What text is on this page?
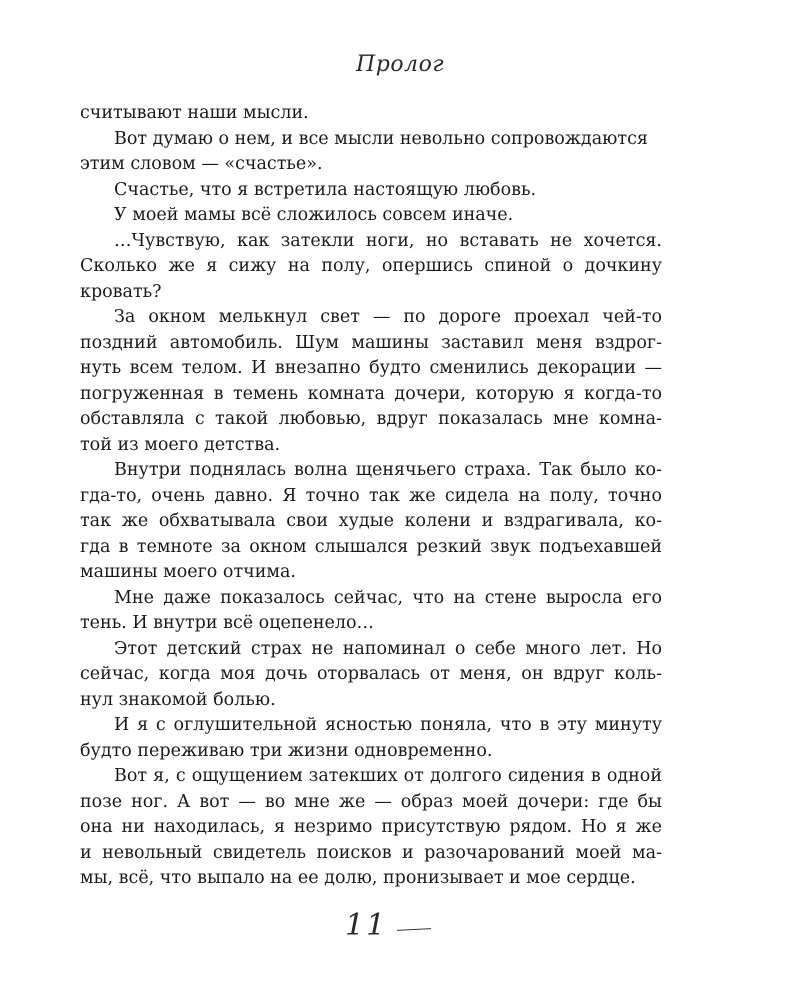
Пролог
считывают наши мысли.
Вот думаю о нем, и все мысли невольно сопровождаются
этим словом — «счастье».
Счастье, что я встретила настоящую любовь.
У моей мамы всё сложилось совсем иначе.
…Чувствую, как затекли ноги, но вставать не хочется.
Сколько же я сижу на полу, опершись спиной о дочкину
кровать?
За окном мелькнул свет — по дороге проехал чей-то
поздний автомобиль. Шум машины заставил меня вздрог-
нуть всем телом. И внезапно будто сменились декорации —
погруженная в темень комната дочери, которую я когда-то
обставляла с такой любовью, вдруг показалась мне комна-
той из моего детства.
Внутри поднялась волна щенячьего страха. Так было ко-
гда-то, очень давно. Я точно так же сидела на полу, точно
так же обхватывала свои худые колени и вздрагивала, ко-
гда в темноте за окном слышался резкий звук подъехавшей
машины моего отчима.
Мне даже показалось сейчас, что на стене выросла его
тень. И внутри всё оцепенело…
Этот детский страх не напоминал о себе много лет. Но
сейчас, когда моя дочь оторвалась от меня, он вдруг коль-
нул знакомой болью.
И я с оглушительной ясностью поняла, что в эту минуту
будто переживаю три жизни одновременно.
Вот я, с ощущением затекших от долгого сидения в одной
позе ног. А вот — во мне же — образ моей дочери: где бы
она ни находилась, я незримо присутствую рядом. Но я же
и невольный свидетель поисков и разочарований моей ма-
мы, всё, что выпало на ее долю, пронизывает и мое сердце.
11
